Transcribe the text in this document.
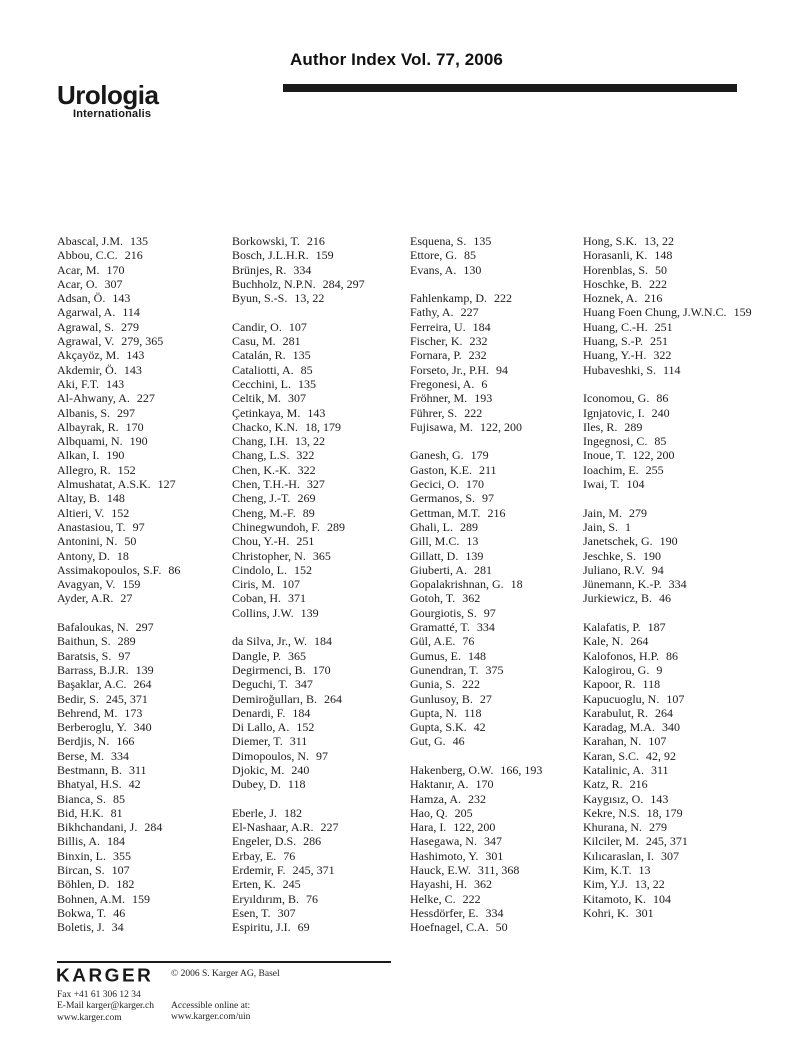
Author Index Vol. 77, 2006
Urologia
Internationalis
Abascal, J.M. 135
Abbou, C.C. 216
Acar, M. 170
Acar, O. 307
Adsan, Ö. 143
Agarwal, A. 114
Agrawal, S. 279
Agrawal, V. 279, 365
Akçayöz, M. 143
Akdemir, Ö. 143
Aki, F.T. 143
Al-Ahwany, A. 227
Albanis, S. 297
Albayrak, R. 170
Albquami, N. 190
Alkan, I. 190
Allegro, R. 152
Almushatat, A.S.K. 127
Altay, B. 148
Altieri, V. 152
Anastasiou, T. 97
Antonini, N. 50
Antony, D. 18
Assimakopoulos, S.F. 86
Avagyan, V. 159
Ayder, A.R. 27
Bafaloukas, N. 297
Baithun, S. 289
Baratsis, S. 97
Barrass, B.J.R. 139
Başaklar, A.C. 264
Bedir, S. 245, 371
Behrend, M. 173
Berberoglu, Y. 340
Berdjis, N. 166
Berse, M. 334
Bestmann, B. 311
Bhatyal, H.S. 42
Bianca, S. 85
Bid, H.K. 81
Bikhchandani, J. 284
Billis, A. 184
Binxin, L. 355
Bircan, S. 107
Böhlen, D. 182
Bohnen, A.M. 159
Bokwa, T. 46
Boletis, J. 34
Borkowski, T. 216
Bosch, J.L.H.R. 159
Brünjes, R. 334
Buchholz, N.P.N. 284, 297
Byun, S.-S. 13, 22
Candir, O. 107
Casu, M. 281
Catalán, R. 135
Cataliotti, A. 85
Cecchini, L. 135
Celtik, M. 307
Çetinkaya, M. 143
Chacko, K.N. 18, 179
Chang, I.H. 13, 22
Chang, L.S. 322
Chen, K.-K. 322
Chen, T.H.-H. 327
Cheng, J.-T. 269
Cheng, M.-F. 89
Chinegwundoh, F. 289
Chou, Y.-H. 251
Christopher, N. 365
Cindolo, L. 152
Ciris, M. 107
Coban, H. 371
Collins, J.W. 139
da Silva, Jr., W. 184
Dangle, P. 365
Degirmenci, B. 170
Deguchi, T. 347
Demiroğulları, B. 264
Denardi, F. 184
Di Lallo, A. 152
Diemer, T. 311
Dimopoulos, N. 97
Djokic, M. 240
Dubey, D. 118
Eberle, J. 182
El-Nashaar, A.R. 227
Engeler, D.S. 286
Erbay, E. 76
Erdemir, F. 245, 371
Erten, K. 245
Eryıldırım, B. 76
Esen, T. 307
Espiritu, J.I. 69
Esquena, S. 135
Ettore, G. 85
Evans, A. 130
Fahlenkamp, D. 222
Fathy, A. 227
Ferreira, U. 184
Fischer, K. 232
Fornara, P. 232
Forseto, Jr., P.H. 94
Fregonesi, A. 6
Fröhner, M. 193
Führer, S. 222
Fujisawa, M. 122, 200
Ganesh, G. 179
Gaston, K.E. 211
Gecici, O. 170
Germanos, S. 97
Gettman, M.T. 216
Ghali, L. 289
Gill, M.C. 13
Gillatt, D. 139
Giuberti, A. 281
Gopalakrishnan, G. 18
Gotoh, T. 362
Gourgiotis, S. 97
Gramatté, T. 334
Gül, A.E. 76
Gumus, E. 148
Gunendran, T. 375
Gunia, S. 222
Gunlusoy, B. 27
Gupta, N. 118
Gupta, S.K. 42
Gut, G. 46
Hakenberg, O.W. 166, 193
Haktanır, A. 170
Hamza, A. 232
Hao, Q. 205
Hara, I. 122, 200
Hasegawa, N. 347
Hashimoto, Y. 301
Hauck, E.W. 311, 368
Hayashi, H. 362
Helke, C. 222
Hessdörfer, E. 334
Hoefnagel, C.A. 50
Hong, S.K. 13, 22
Horasanli, K. 148
Horenblas, S. 50
Hoschke, B. 222
Hoznek, A. 216
Huang Foen Chung, J.W.N.C. 159
Huang, C.-H. 251
Huang, S.-P. 251
Huang, Y.-H. 322
Hubaveshki, S. 114
Iconomou, G. 86
Ignjatovic, I. 240
Iles, R. 289
Ingegnosi, C. 85
Inoue, T. 122, 200
Ioachim, E. 255
Iwai, T. 104
Jain, M. 279
Jain, S. 1
Janetschek, G. 190
Jeschke, S. 190
Juliano, R.V. 94
Jünemann, K.-P. 334
Jurkiewicz, B. 46
Kalafatis, P. 187
Kale, N. 264
Kalofonos, H.P. 86
Kalogirou, G. 9
Kapoor, R. 118
Kapucuoglu, N. 107
Karabulut, R. 264
Karadag, M.A. 340
Karahan, N. 107
Karan, S.C. 42, 92
Katalinic, A. 311
Katz, R. 216
Kaygısız, O. 143
Kekre, N.S. 18, 179
Khurana, N. 279
Kilciler, M. 245, 371
Kılıcaraslan, I. 307
Kim, K.T. 13
Kim, Y.J. 13, 22
Kitamoto, K. 104
Kohri, K. 301
KARGER © 2006 S. Karger AG, Basel
Fax +41 61 306 12 34
E-Mail karger@karger.ch
www.karger.com
Accessible online at:
www.karger.com/uin
